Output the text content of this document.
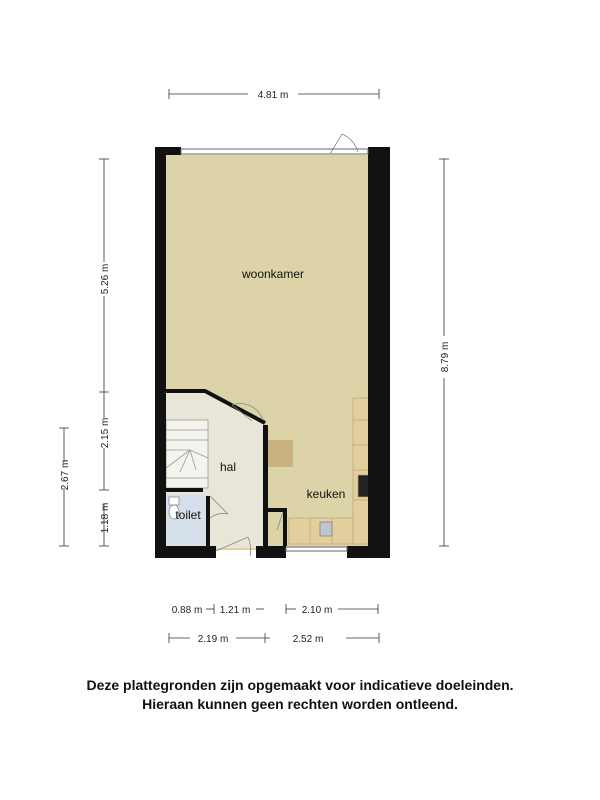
woonkamer
hal
keuken
toilet
4.81 m
8.79 m
5.26 m
2.15 m
1.18 m
2.67 m
0.88 m 1.21 m	2.10 m
2.19 m	2.52 m
Deze plattegronden zijn opgemaakt voor indicatieve doeleinden.
Hieraan kunnen geen rechten worden ontleend.
